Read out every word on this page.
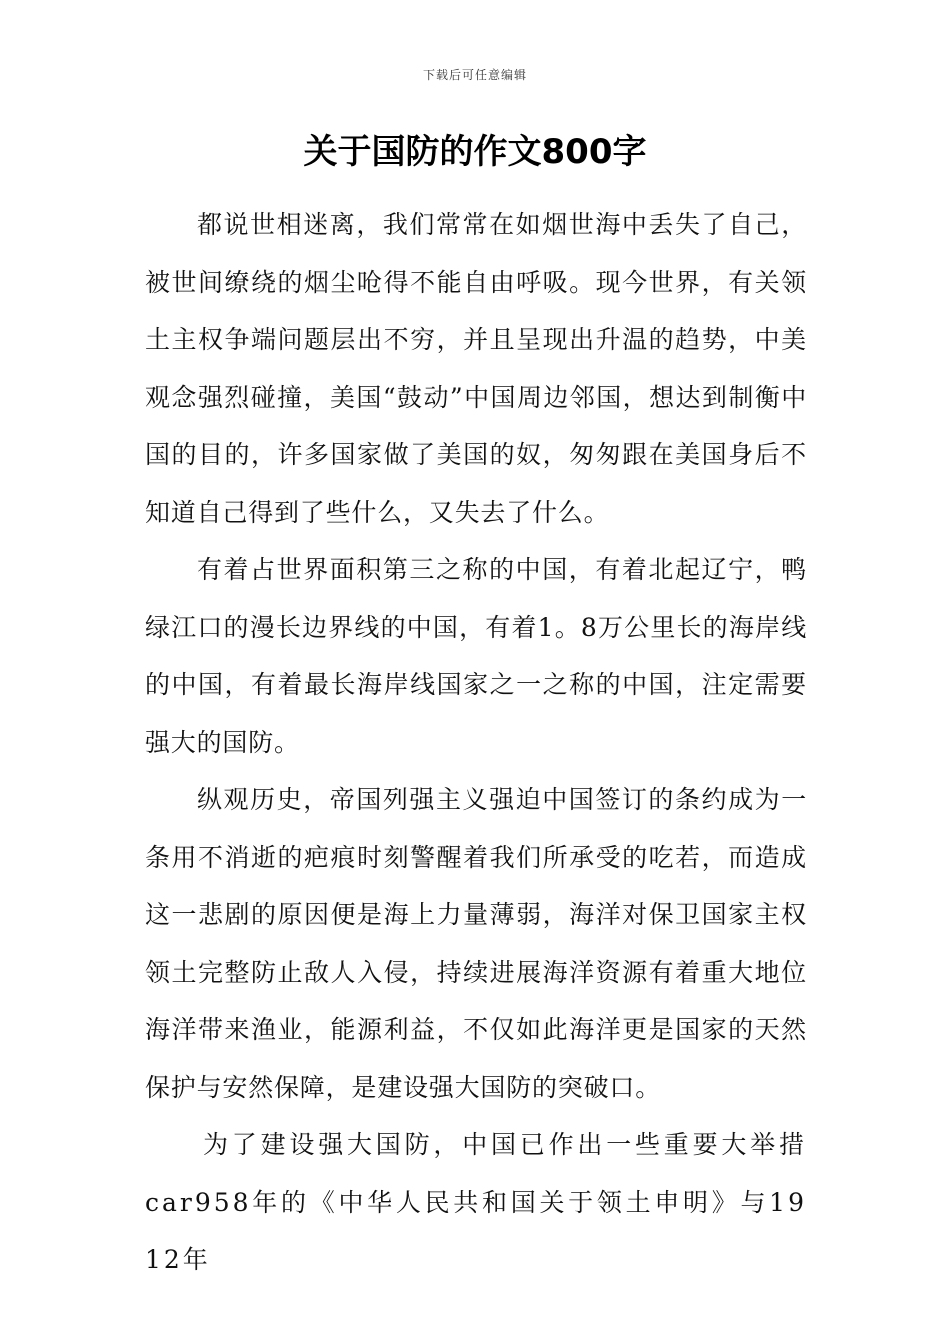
下载后可任意编辑
关于国防的作文800字

都说世相迷离，我们常常在如烟世海中丢失了自己，被世间缭绕的烟尘呛得不能自由呼吸。现今世界，有关领土主权争端问题层出不穷，并且呈现出升温的趋势，中美观念强烈碰撞，美国“鼓动”中国周边邻国，想达到制衡中国的目的，许多国家做了美国的奴，匆匆跟在美国身后不知道自己得到了些什么，又失去了什么。

有着占世界面积第三之称的中国，有着北起辽宁，鸭绿江口的漫长边界线的中国，有着1。8万公里长的海岸线的中国，有着最长海岸线国家之一之称的中国，注定需要强大的国防。

纵观历史，帝国列强主义强迫中国签订的条约成为一条用不消逝的疤痕时刻警醒着我们所承受的吃若，而造成这一悲剧的原因便是海上力量薄弱，海洋对保卫国家主权领土完整防止敌人入侵，持续进展海洋资源有着重大地位海洋带来渔业，能源利益，不仅如此海洋更是国家的天然保护与安然保障，是建设强大国防的突破口。

为了建设强大国防，中国已作出一些重要大举措car958年的《中华人民共和国关于领土申明》与1912年
